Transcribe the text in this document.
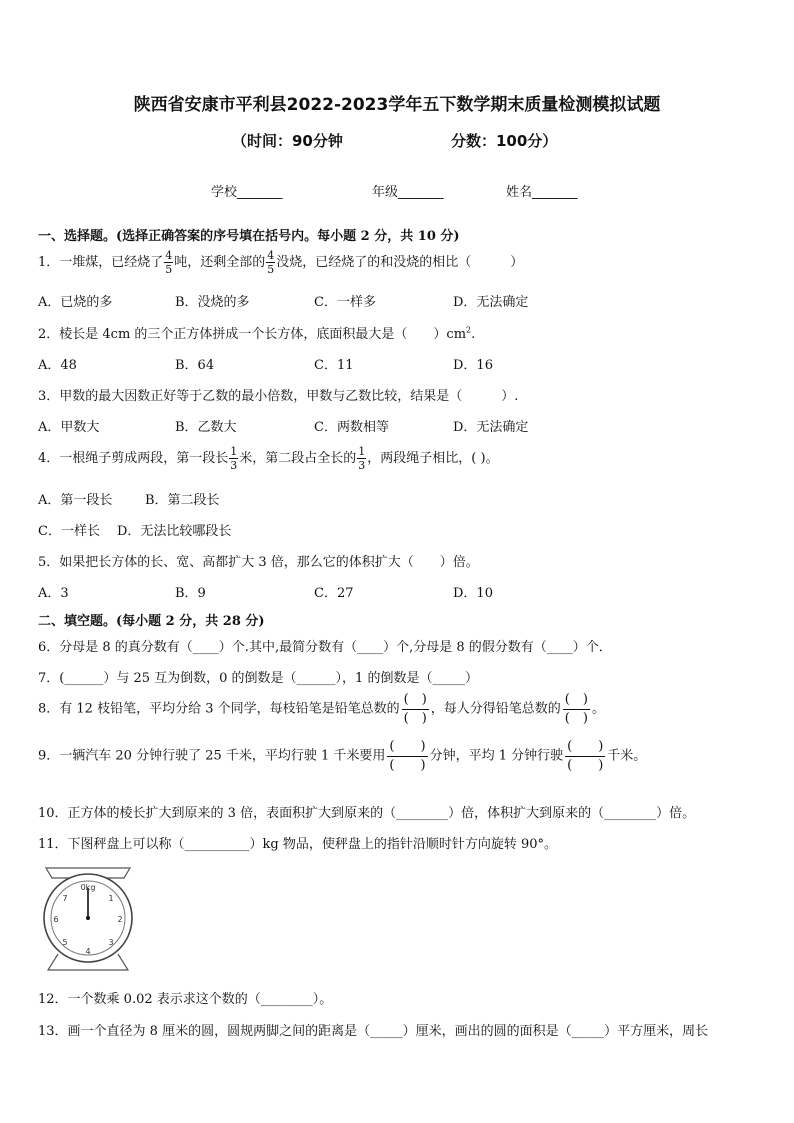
陕西省安康市平利县2022-2023学年五下数学期末质量检测模拟试题
（时间：90分钟	分数：100分）
学校_______	年级_______	姓名_______
一、选择题。(选择正确答案的序号填在括号内。每小题 2 分，共 10 分)
1．一堆煤，已经烧了 $\frac{4}{5}$ 吨，还剩全部的 $\frac{4}{5}$ 没烧，已经烧了的和没烧的相比（　　　）
A．已烧的多	B．没烧的多	C．一样多	D．无法确定
2．棱长是 4cm 的三个正方体拼成一个长方体，底面积最大是（　　）$cm^2$.
A．48	B．64	C．11	D．16
3．甲数的最大因数正好等于乙数的最小倍数，甲数与乙数比较，结果是（　　　）.
A．甲数大	B．乙数大	C．两数相等	D．无法确定
4．一根绳子剪成两段，第一段长 $\frac{1}{3}$ 米，第二段占全长的 $\frac{1}{3}$ ，两段绳子相比，( )。
A．第一段长	B．第二段长
C．一样长 D．无法比较哪段长
5．如果把长方体的长、宽、高都扩大 3 倍，那么它的体积扩大（　　）倍。
A．3	B．9	C．27	D．10
二、填空题。(每小题 2 分，共 28 分)
6．分母是 8 的真分数有（____）个.其中,最简分数有（____）个,分母是 8 的假分数有（____）个．
7．(______）与 25 互为倒数，0 的倒数是（______），1 的倒数是（_____）
8．有 12 枝铅笔，平均分给 3 个同学，每枝铅笔是铅笔总数的
(　)
(　)
，每人分得铅笔总数的
(　)
(　)
。
9．一辆汽车 20 分钟行驶了 25 千米，平均行驶 1 千米要用
(　　)
(　　)
分钟，平均 1 分钟行驶
(　　)
(　　)
千米。
10．正方体的棱长扩大到原来的 3 倍，表面积扩大到原来的（________）倍，体积扩大到原来的（________）倍。
11．下图秤盘上可以称（__________）kg 物品，使秤盘上的指针沿顺时针方向旋转 90°。
0kg
1
2
3
4
5
6
7
12．一个数乘 0.02 表示求这个数的（________）。
13．画一个直径为 8 厘米的圆，圆规两脚之间的距离是（_____）厘米，画出的圆的面积是（_____）平方厘米，周长
